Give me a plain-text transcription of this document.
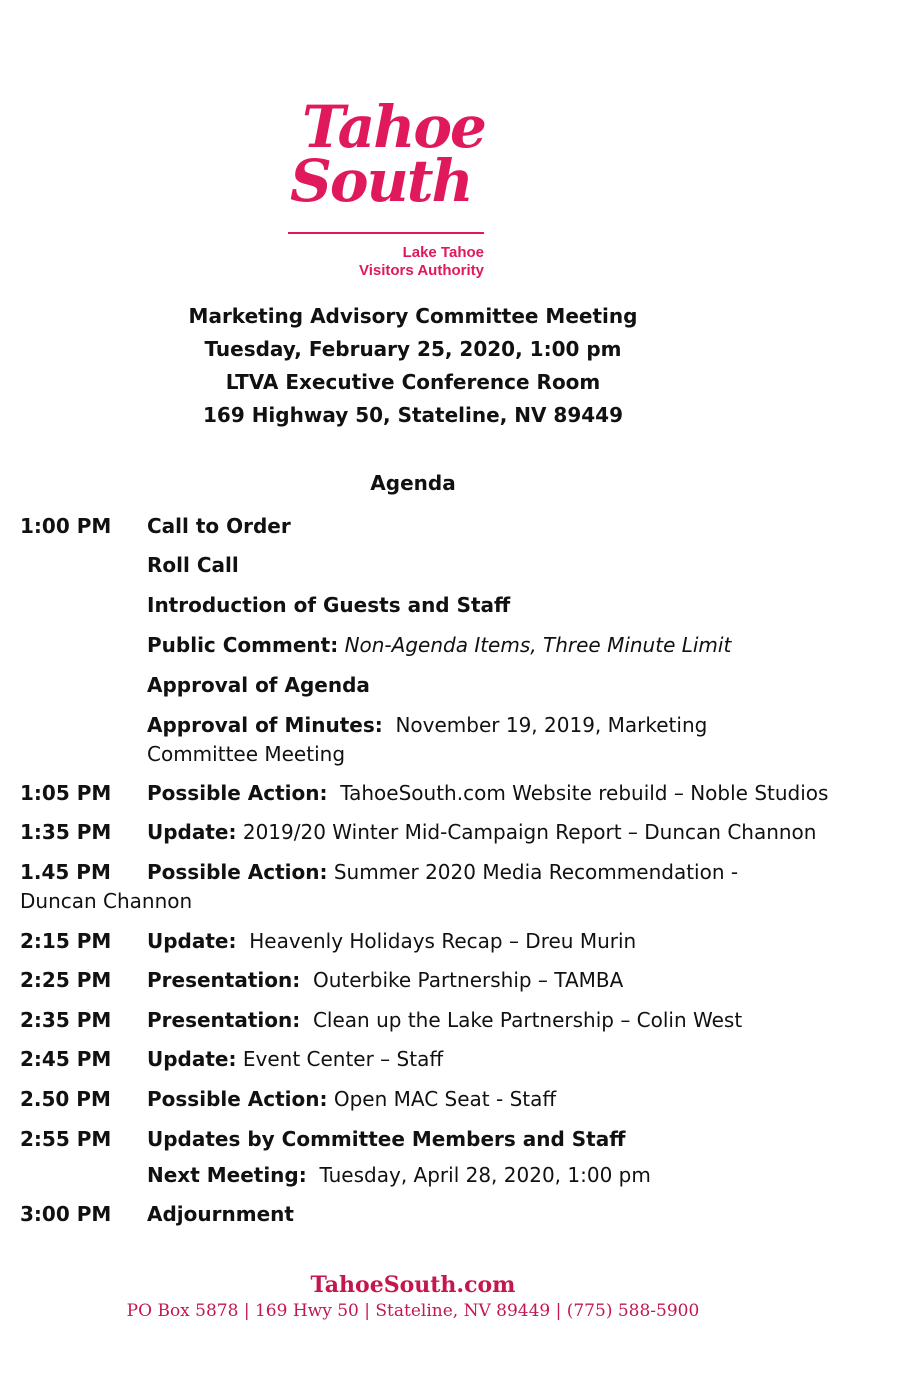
Tahoe
South
Lake Tahoe
Visitors Authority
Marketing Advisory Committee Meeting
Tuesday, February 25, 2020, 1:00 pm
LTVA Executive Conference Room
169 Highway 50, Stateline, NV 89449
Agenda
1:00 PM Call to Order
Roll Call
Introduction of Guests and Staff
Public Comment: Non-Agenda Items, Three Minute Limit
Approval of Agenda
Approval of Minutes: November 19, 2019, Marketing Committee Meeting
1:05 PM Possible Action: TahoeSouth.com Website rebuild – Noble Studios
1:35 PM Update: 2019/20 Winter Mid-Campaign Report – Duncan Channon
1.45 PM Possible Action: Summer 2020 Media Recommendation - Duncan Channon
2:15 PM Update: Heavenly Holidays Recap – Dreu Murin
2:25 PM Presentation: Outerbike Partnership – TAMBA
2:35 PM Presentation: Clean up the Lake Partnership – Colin West
2:45 PM Update: Event Center – Staff
2.50 PM Possible Action: Open MAC Seat - Staff
2:55 PM Updates by Committee Members and Staff
Next Meeting: Tuesday, April 28, 2020, 1:00 pm
3:00 PM Adjournment
TahoeSouth.com
PO Box 5878 | 169 Hwy 50 | Stateline, NV 89449 | (775) 588-5900
